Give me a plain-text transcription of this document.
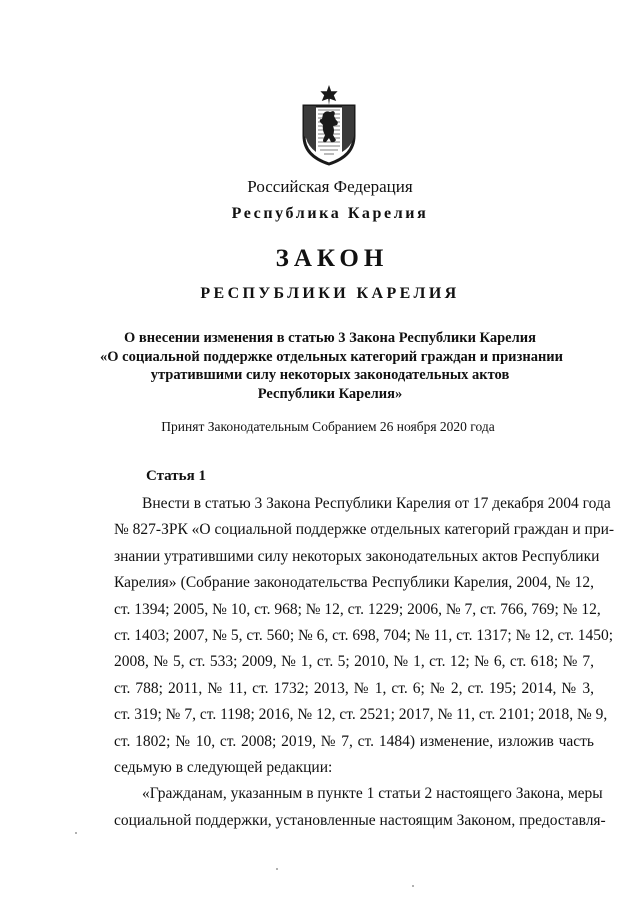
Российская Федерация
Республика Карелия
ЗАКОН
РЕСПУБЛИКИ КАРЕЛИЯ
О внесении изменения в статью 3 Закона Республики Карелия
«О социальной поддержке отдельных категорий граждан и признании
утратившими силу некоторых законодательных актов
Республики Карелия»
Принят Законодательным Собранием 26 ноября 2020 года
Статья 1
Внести в статью 3 Закона Республики Карелия от 17 декабря 2004 года
№ 827-ЗРК «О социальной поддержке отдельных категорий граждан и при-
знании утратившими силу некоторых законодательных актов Республики
Карелия» (Собрание законодательства Республики Карелия, 2004, № 12,
ст. 1394; 2005, № 10, ст. 968; № 12, ст. 1229; 2006, № 7, ст. 766, 769; № 12,
ст. 1403; 2007, № 5, ст. 560; № 6, ст. 698, 704; № 11, ст. 1317; № 12, ст. 1450;
2008, № 5, ст. 533; 2009, № 1, ст. 5; 2010, № 1, ст. 12; № 6, ст. 618; № 7,
ст. 788; 2011, № 11, ст. 1732; 2013, № 1, ст. 6; № 2, ст. 195; 2014, № 3,
ст. 319; № 7, ст. 1198; 2016, № 12, ст. 2521; 2017, № 11, ст. 2101; 2018, № 9,
ст. 1802; № 10, ст. 2008; 2019, № 7, ст. 1484) изменение, изложив часть
седьмую в следующей редакции:
«Гражданам, указанным в пункте 1 статьи 2 настоящего Закона, меры
социальной поддержки, установленные настоящим Законом, предоставля-
